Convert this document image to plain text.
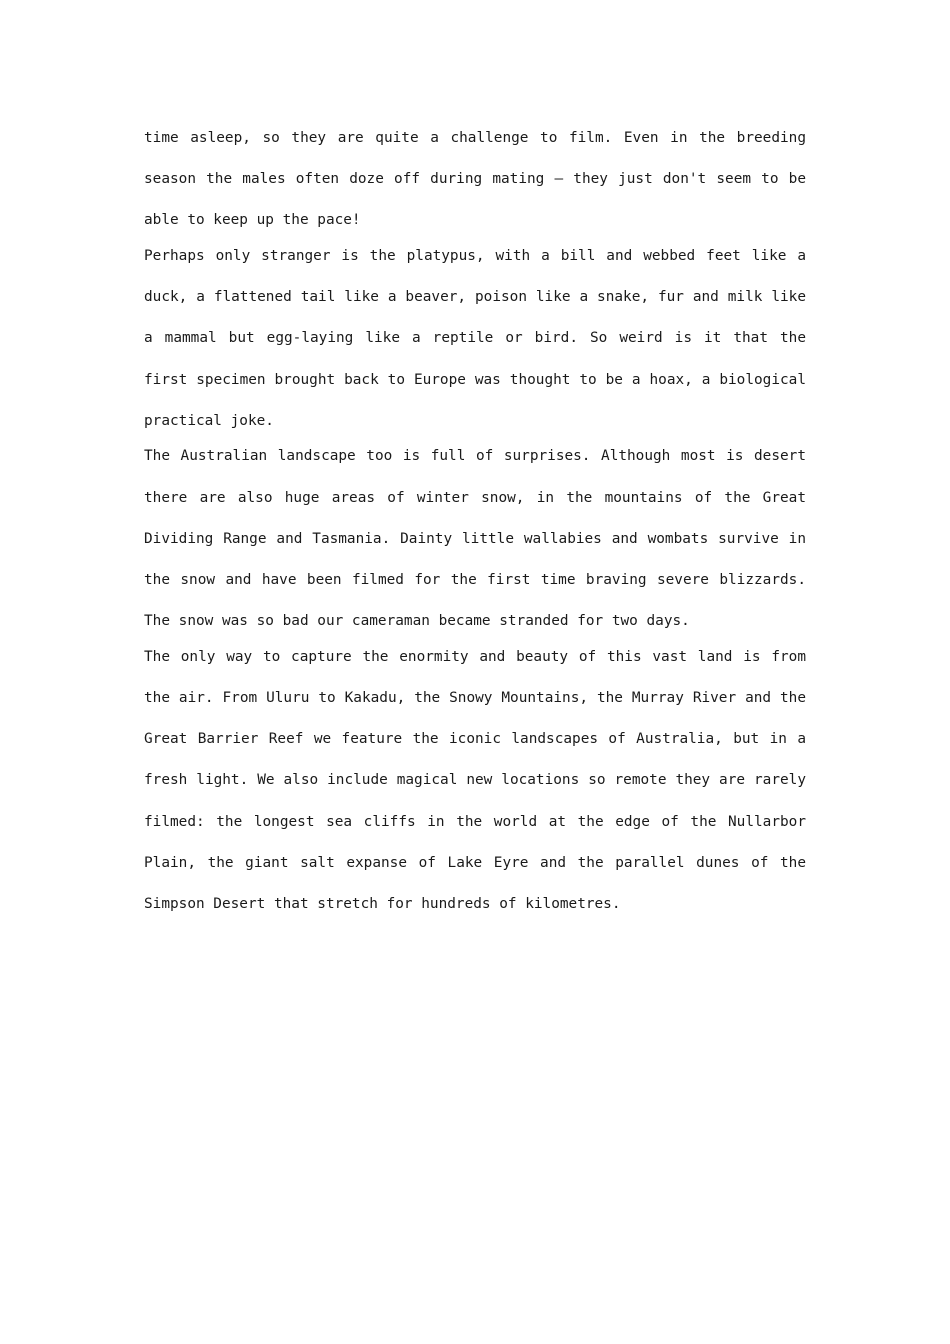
time asleep, so they are quite a challenge to film. Even in the breeding season the males often doze off during mating – they just don't seem to be able to keep up the pace!

Perhaps only stranger is the platypus, with a bill and webbed feet like a duck, a flattened tail like a beaver, poison like a snake, fur and milk like a mammal but egg-laying like a reptile or bird. So weird is it that the first specimen brought back to Europe was thought to be a hoax, a biological practical joke.

The Australian landscape too is full of surprises. Although most is desert there are also huge areas of winter snow, in the mountains of the Great Dividing Range and Tasmania. Dainty little wallabies and wombats survive in the snow and have been filmed for the first time braving severe blizzards. The snow was so bad our cameraman became stranded for two days.

The only way to capture the enormity and beauty of this vast land is from the air. From Uluru to Kakadu, the Snowy Mountains, the Murray River and the Great Barrier Reef we feature the iconic landscapes of Australia, but in a fresh light. We also include magical new locations so remote they are rarely filmed: the longest sea cliffs in the world at the edge of the Nullarbor Plain, the giant salt expanse of Lake Eyre and the parallel dunes of the Simpson Desert that stretch for hundreds of kilometres.
